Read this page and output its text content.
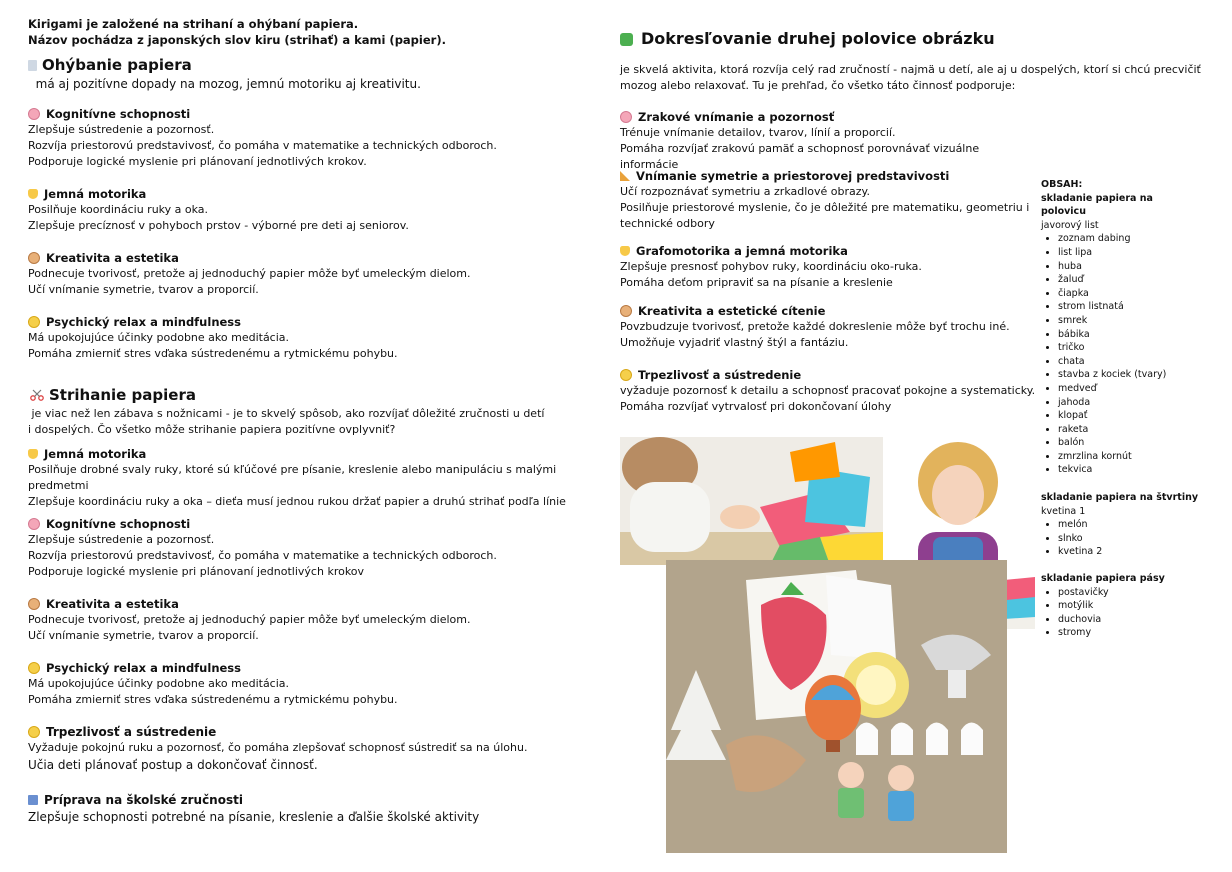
Kirigami je založené na strihaní a ohýbaní papiera.
Názov pochádza z japonských slov kiru (strihať) a kami (papier).
Ohýbanie papiera
má aj pozitívne dopady na mozog, jemnú motoriku aj kreativitu.
Kognitívne schopnosti
Zlepšuje sústredenie a pozornosť.
Rozvíja priestorovú predstavivosť, čo pomáha v matematike a technických odboroch.
Podporuje logické myslenie pri plánovaní jednotlivých krokov.
Jemná motorika
Posilňuje koordináciu ruky a oka.
Zlepšuje precíznosť v pohyboch prstov - výborné pre deti aj seniorov.
Kreativita a estetika
Podnecuje tvorivosť, pretože aj jednoduchý papier môže byť umeleckým dielom.
Učí vnímanie symetrie, tvarov a proporcií.
Psychický relax a mindfulness
Má upokojujúce účinky podobne ako meditácia.
Pomáha zmierniť stres vďaka sústredenému a rytmickému pohybu.
Strihanie papiera
je viac než len zábava s nožnicami - je to skvelý spôsob, ako rozvíjať dôležité zručnosti u detí
i dospelých. Čo všetko môže strihanie papiera pozitívne ovplyvniť?
Jemná motorika
Posilňuje drobné svaly ruky, ktoré sú kľúčové pre písanie, kreslenie alebo manipuláciu s malými
predmetmi
Zlepšuje koordináciu ruky a oka – dieťa musí jednou rukou držať papier a druhú strihať podľa línie
Kognitívne schopnosti
Zlepšuje sústredenie a pozornosť.
Rozvíja priestorovú predstavivosť, čo pomáha v matematike a technických odboroch.
Podporuje logické myslenie pri plánovaní jednotlivých krokov
Kreativita a estetika
Podnecuje tvorivosť, pretože aj jednoduchý papier môže byť umeleckým dielom.
Učí vnímanie symetrie, tvarov a proporcií.
Psychický relax a mindfulness
Má upokojujúce účinky podobne ako meditácia.
Pomáha zmierniť stres vďaka sústredenému a rytmickému pohybu.
Trpezlivosť a sústredenie
Vyžaduje pokojnú ruku a pozornosť, čo pomáha zlepšovať schopnosť sústrediť sa na úlohu.
Učia deti plánovať postup a dokončovať činnosť.
Príprava na školské zručnosti
Zlepšuje schopnosti potrebné na písanie, kreslenie a ďalšie školské aktivity
Dokresľovanie druhej polovice obrázku
je skvelá aktivita, ktorá rozvíja celý rad zručností - najmä u detí, ale aj u dospelých, ktorí si chcú precvičiť
mozog alebo relaxovať. Tu je prehľad, čo všetko táto činnosť podporuje:
Zrakové vnímanie a pozornosť
Trénuje vnímanie detailov, tvarov, línií a proporcií.
Pomáha rozvíjať zrakovú pamäť a schopnosť porovnávať vizuálne informácie
Vnímanie symetrie a priestorovej predstavivosti
Učí rozpoznávať symetriu a zrkadlové obrazy.
Posilňuje priestorové myslenie, čo je dôležité pre matematiku, geometriu i
technické odbory
Grafomotorika a jemná motorika
Zlepšuje presnosť pohybov ruky, koordináciu oko-ruka.
Pomáha deťom pripraviť sa na písanie a kreslenie
Kreativita a estetické cítenie
Povzbudzuje tvorivosť, pretože každé dokreslenie môže byť trochu iné.
Umožňuje vyjadriť vlastný štýl a fantáziu.
Trpezlivosť a sústredenie
vyžaduje pozornosť k detailu a schopnosť pracovať pokojne a systematicky.
Pomáha rozvíjať vytrvalosť pri dokončovaní úlohy
OBSAH:
skladanie papiera na
polovicu
javorový list
• zoznam dabing
• list lipa
• huba
• žaluď
• čiapka
• strom listnatá
• smrek
• bábika
• tričko
• chata
• stavba z kociek (tvary)
• medveď
• jahoda
• klopať
• raketa
• balón
• zmrzlina kornút
• tekvica
skladanie papiera na štvrtiny
kvetina 1
• melón
• slnko
• kvetina 2
skladanie papiera pásy
• postavičky
• motýlik
• duchovia
• stromy
